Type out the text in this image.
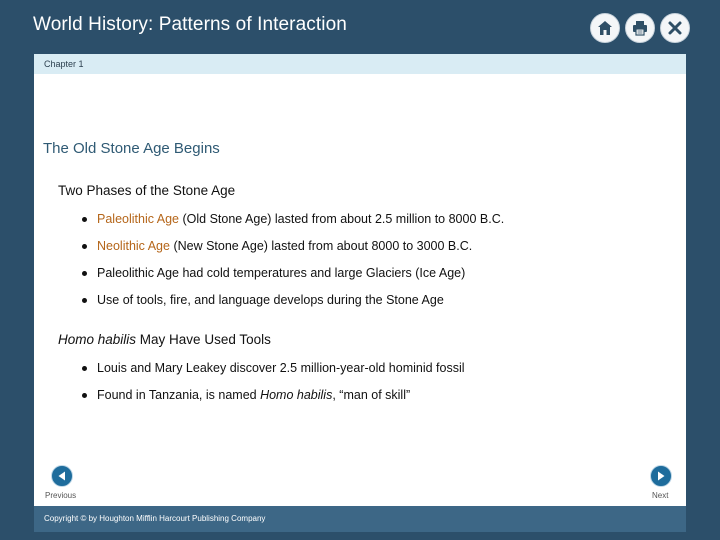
World History: Patterns of Interaction
Chapter 1
The Old Stone Age Begins
Two Phases of the Stone Age
Paleolithic Age (Old Stone Age) lasted from about 2.5 million to 8000 B.C.
Neolithic Age (New Stone Age) lasted from about 8000 to 3000 B.C.
Paleolithic Age had cold temperatures and large Glaciers (Ice Age)
Use of tools, fire, and language develops during the Stone Age
Homo habilis May Have Used Tools
Louis and Mary Leakey discover 2.5 million-year-old hominid fossil
Found in Tanzania, is named Homo habilis, “man of skill”
Previous	Next
Copyright © by Houghton Mifflin Harcourt Publishing Company
